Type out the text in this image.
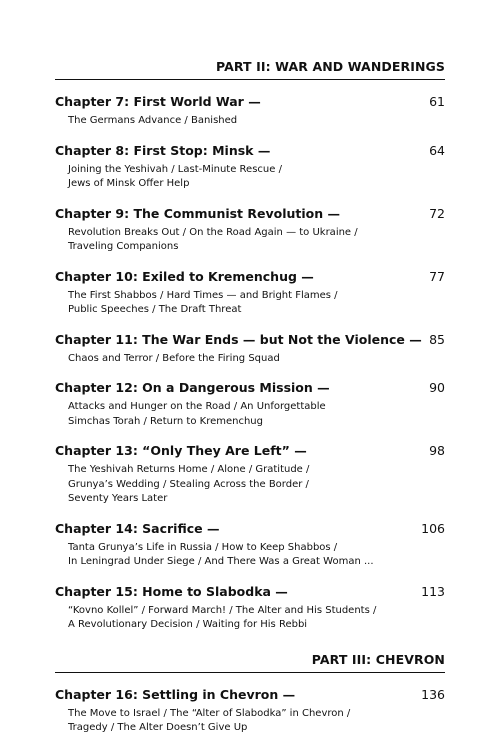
PART II: WAR AND WANDERINGS
Chapter 7: First World War —	61
The Germans Advance / Banished
Chapter 8: First Stop: Minsk —	64
Joining the Yeshivah / Last-Minute Rescue /
Jews of Minsk Offer Help
Chapter 9: The Communist Revolution —	72
Revolution Breaks Out / On the Road Again — to Ukraine /
Traveling Companions
Chapter 10: Exiled to Kremenchug —	77
The First Shabbos / Hard Times — and Bright Flames /
Public Speeches / The Draft Threat
Chapter 11: The War Ends — but Not the Violence — 85
Chaos and Terror / Before the Firing Squad
Chapter 12: On a Dangerous Mission —	90
Attacks and Hunger on the Road / An Unforgettable
Simchas Torah / Return to Kremenchug
Chapter 13: “Only They Are Left” —	98
The Yeshivah Returns Home / Alone / Gratitude /
Grunya’s Wedding / Stealing Across the Border /
Seventy Years Later
Chapter 14: Sacrifice —	106
Tanta Grunya’s Life in Russia / How to Keep Shabbos /
In Leningrad Under Siege / And There Was a Great Woman ...
Chapter 15: Home to Slabodka —	113
“Kovno Kollel” / Forward March! / The Alter and His Students /
A Revolutionary Decision / Waiting for His Rebbi
PART III: CHEVRON
Chapter 16: Settling in Chevron —	136
The Move to Israel / The “Alter of Slabodka” in Chevron /
Tragedy / The Alter Doesn’t Give Up
